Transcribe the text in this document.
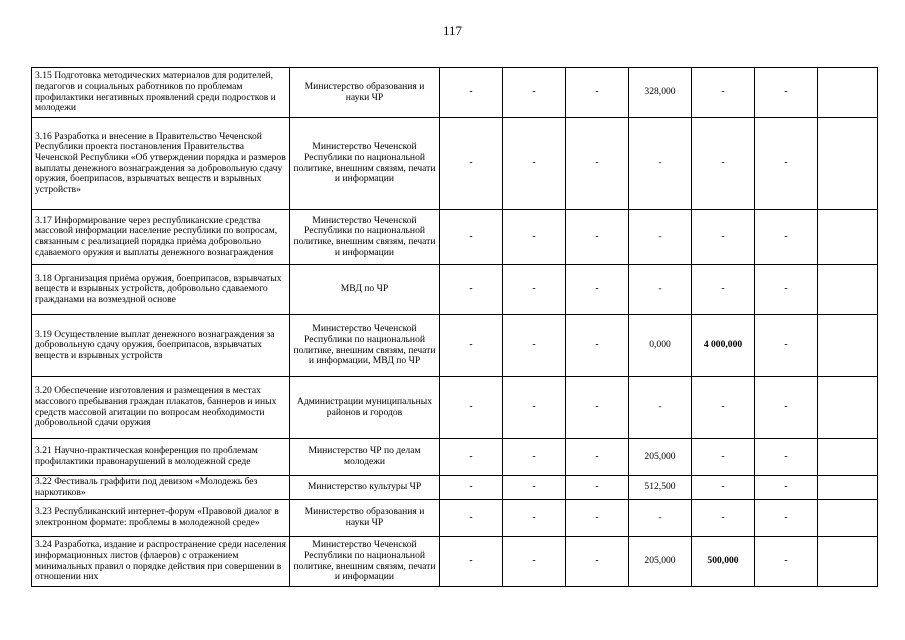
117
3.15 Подготовка методических материалов для родителей, педагогов и социальных работников по проблемам профилактики негативных проявлений среди подростков и молодежи	Министерство образования и науки ЧР	-	-	-	328,000	-	-	
3.16 Разработка и внесение в Правительство Чеченской Республики проекта постановления Правительства Чеченской Республики «Об утверждении порядка и размеров выплаты денежного вознаграждения за добровольную сдачу оружия, боеприпасов, взрывчатых веществ и взрывных устройств»	Министерство Чеченской Республики по национальной политике, внешним связям, печати и информации	-	-	-	-	-	-	
3.17 Информирование через республиканские средства массовой информации население республики по вопросам, связанным с реализацией порядка приёма добровольно сдаваемого оружия и выплаты денежного вознаграждения	Министерство Чеченской Республики по национальной политике, внешним связям, печати и информации	-	-	-	-	-	-	
3.18 Организация приёма оружия, боеприпасов, взрывчатых веществ и взрывных устройств, добровольно сдаваемого гражданами на возмездной основе	МВД по ЧР	-	-	-	-	-	-	
3.19 Осуществление выплат денежного вознаграждения за добровольную сдачу оружия, боеприпасов, взрывчатых веществ и взрывных устройств	Министерство Чеченской Республики по национальной политике, внешним связям, печати и информации, МВД по ЧР	-	-	-	0,000	4 000,000	-	
3.20 Обеспечение изготовления и размещения в местах массового пребывания граждан плакатов, баннеров и иных средств массовой агитации по вопросам необходимости добровольной сдачи оружия	Администрации муниципальных районов и городов	-	-	-	-	-	-	
3.21 Научно-практическая конференция по проблемам профилактики правонарушений в молодежной среде	Министерство ЧР по делам молодежи	-	-	-	205,000	-	-	
3.22 Фестиваль граффити под девизом «Молодежь без наркотиков»	Министерство культуры ЧР	-	-	-	512,500	-	-	
3.23 Республиканский интернет-форум «Правовой диалог в электронном формате: проблемы в молодежной среде»	Министерство образования и науки ЧР	-	-	-	-	-	-	
3.24 Разработка, издание и распространение среди населения информационных листов (флаеров) с отражением минимальных правил о порядке действия при совершении в отношении них	Министерство Чеченской Республики по национальной политике, внешним связям, печати и информации	-	-	-	205,000	500,000	-	
